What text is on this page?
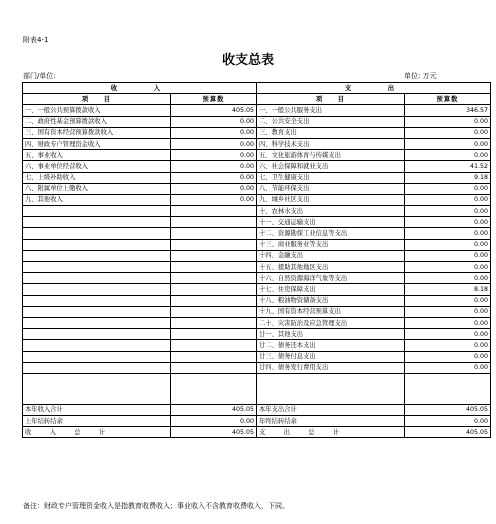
附表4-1
收支总表
部门/单位:	单位: 万元
收　　入		支　　出	
项　　目	预算数	项　　目	预算数
一、一般公共预算拨款收入	405.05	一、一般公共服务支出	346.57
二、政府性基金预算拨款收入	0.00	二、公共安全支出	0.00
三、国有资本经营预算拨款收入	0.00	三、教育支出	0.00
四、财政专户管理资金收入	0.00	四、科学技术支出	0.00
五、事业收入	0.00	五、文化旅游体育与传媒支出	0.00
六、事业单位经营收入	0.00	六、社会保障和就业支出	41.52
七、上级补助收入	0.00	七、卫生健康支出	9.18
八、附属单位上缴收入	0.00	八、节能环保支出	0.00
九、其他收入	0.00	九、城乡社区支出	0.00
		十、农林水支出	0.00
		十一、交通运输支出	0.00
		十二、资源勘探工业信息等支出	0.00
		十三、商业服务业等支出	0.00
		十四、金融支出	0.00
		十五、援助其他地区支出	0.00
		十六、自然资源海洋气象等支出	0.00
		十七、住房保障支出	8.18
		十八、粮油物资储备支出	0.00
		十九、国有资本经营预算支出	0.00
		二十、灾害防治及应急管理支出	0.00
		廿一、其他支出	0.00
		廿二、债务还本支出	0.00
		廿三、债务付息支出	0.00
		廿四、债务发行费用支出	0.00

本年收入合计	405.05	本年支出合计	405.05
上年结转结余	0.00	年终结转结余	0.00
收　入　总　计	405.05	支　出　总　计	405.05
备注：财政专户管理资金收入是指教育收费收入；事业收入不含教育收费收入，下同。
